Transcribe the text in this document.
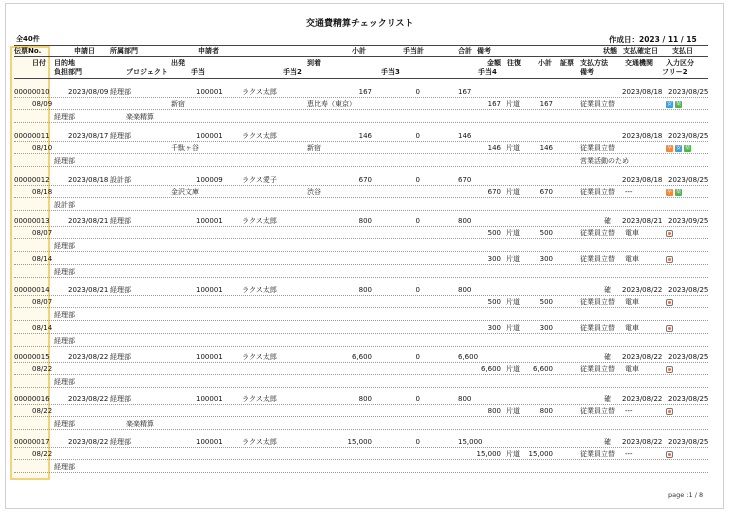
交通費精算チェックリスト
全40件	作成日：2023 / 11 / 15
伝票No.	申請日 所属部門	申請者	小計	手当計	合計 備考	状態 支払確定日 支払日
日付 目的地	出発	到着	金額 往復 小計 証票 支払方法 交通機関 入力区分
負担部門	プロジェクト	手当	手当2	手当3	手当4	備考	フリー2
00000010	2023/08/09 経理部	100001	ラクス太郎	167	0	167	2023/08/18 2023/08/25
08/09	新宿	恵比寿（東京）	167 片道	167	従業員立替	安 楽
経理部	楽楽精算
00000011	2023/08/17 経理部	100001	ラクス太郎	146	0	146	2023/08/18 2023/08/25
08/10	千駄ヶ谷	新宿	146 片道	146	従業員立替	早 安 楽
経理部	営業活動のため
00000012	2023/08/18 設計部	100009	ラクス愛子	670	0	670	2023/08/18 2023/08/25
08/18	金沢文庫	渋谷	670 片道	670	従業員立替 ---	早 楽
設計部
00000013	2023/08/21 経理部	100001	ラクス太郎	800	0	800	確 2023/08/21 2023/09/25
08/07	500 片道	500	従業員立替 電車
経理部
08/14	300 片道	300	従業員立替 電車
経理部
00000014	2023/08/21 経理部	100001	ラクス太郎	800	0	800	確 2023/08/22 2023/08/25
08/07	500 片道	500	従業員立替 電車
経理部
08/14	300 片道	300	従業員立替 電車
経理部
00000015	2023/08/22 経理部	100001	ラクス太郎	6,600	0	6,600	確 2023/08/22 2023/08/25
08/22	6,600 片道	6,600	従業員立替 電車
経理部
00000016	2023/08/22 経理部	100001	ラクス太郎	800	0	800	確 2023/08/22 2023/08/25
08/22	800 片道	800	従業員立替 ---
経理部	楽楽精算
00000017	2023/08/22 経理部	100001	ラクス太郎	15,000	0	15,000	確 2023/08/22 2023/08/25
08/22	15,000 片道	15,000	従業員立替 ---
経理部
page :1 / 8
